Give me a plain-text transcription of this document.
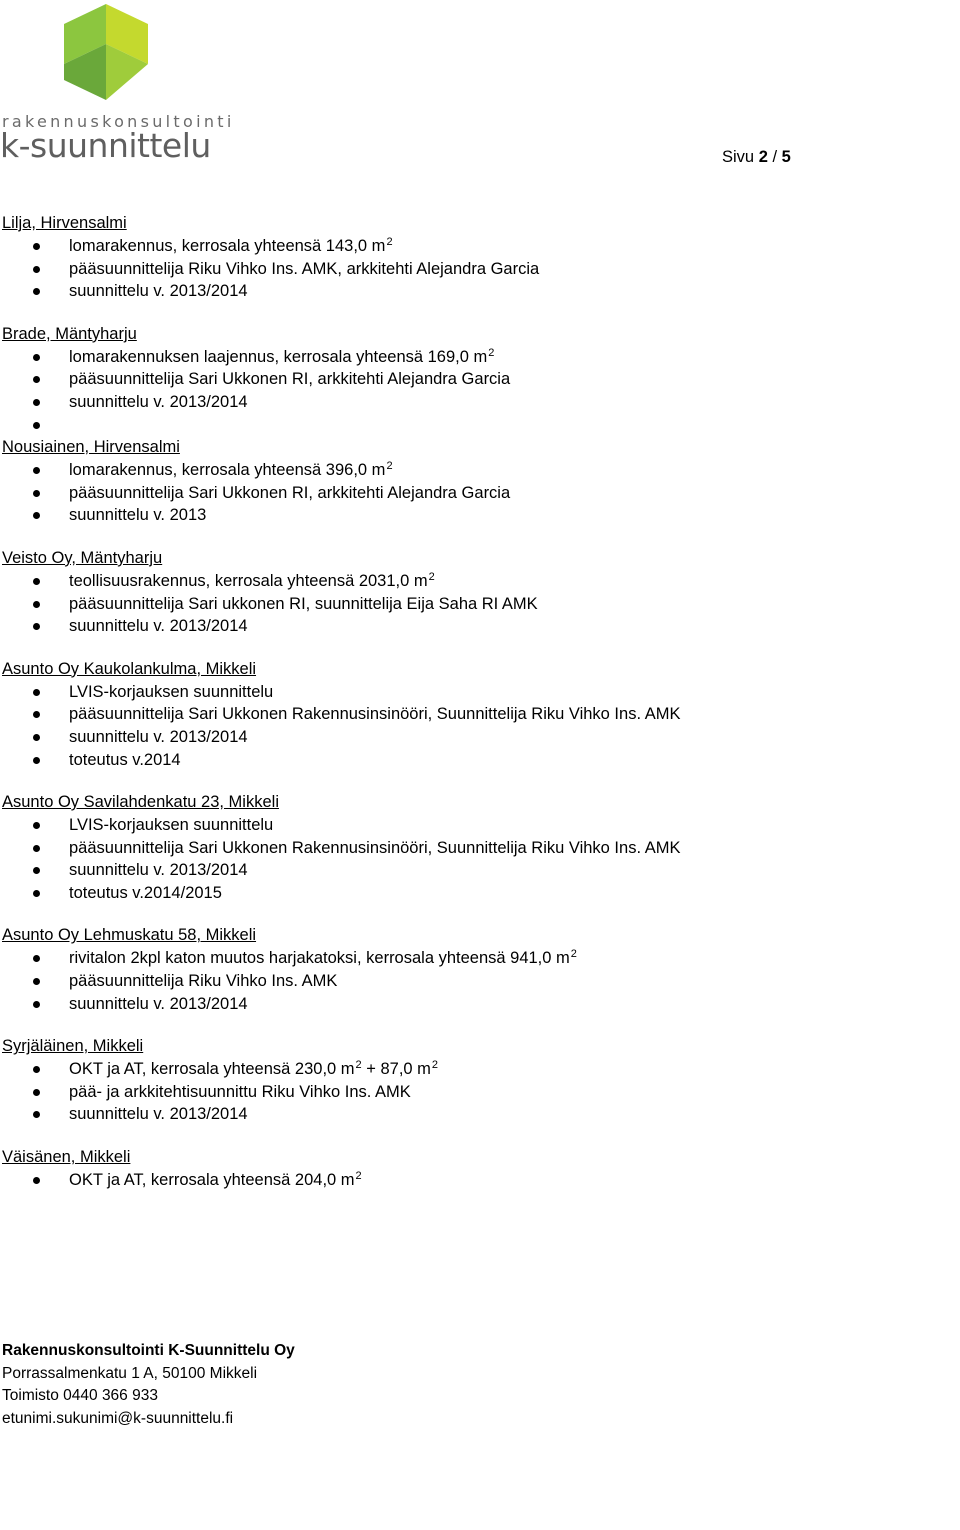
rakennuskonsultointi
k-suunnittelu	Sivu 2 / 5
Lilja, Hirvensalmi
lomarakennus, kerrosala yhteensä 143,0 $m^2$
pääsuunnittelija Riku Vihko Ins. AMK, arkkitehti Alejandra Garcia
suunnittelu v. 2013/2014
Brade, Mäntyharju
lomarakennuksen laajennus, kerrosala yhteensä 169,0 $m^2$
pääsuunnittelija Sari Ukkonen RI, arkkitehti Alejandra Garcia
suunnittelu v. 2013/2014
Nousiainen, Hirvensalmi
lomarakennus, kerrosala yhteensä 396,0 $m^2$
pääsuunnittelija Sari Ukkonen RI, arkkitehti Alejandra Garcia
suunnittelu v. 2013
Veisto Oy, Mäntyharju
teollisuusrakennus, kerrosala yhteensä 2031,0 $m^2$
pääsuunnittelija Sari ukkonen RI, suunnittelija Eija Saha RI AMK
suunnittelu v. 2013/2014
Asunto Oy Kaukolankulma, Mikkeli
LVIS-korjauksen suunnittelu
pääsuunnittelija Sari Ukkonen Rakennusinsinööri, Suunnittelija Riku Vihko Ins. AMK
suunnittelu v. 2013/2014
toteutus v.2014
Asunto Oy Savilahdenkatu 23, Mikkeli
LVIS-korjauksen suunnittelu
pääsuunnittelija Sari Ukkonen Rakennusinsinööri, Suunnittelija Riku Vihko Ins. AMK
suunnittelu v. 2013/2014
toteutus v.2014/2015
Asunto Oy Lehmuskatu 58, Mikkeli
rivitalon 2kpl katon muutos harjakatoksi, kerrosala yhteensä 941,0 $m^2$
pääsuunnittelija Riku Vihko Ins. AMK
suunnittelu v. 2013/2014
Syrjäläinen, Mikkeli
OKT ja AT, kerrosala yhteensä 230,0 $m^2 + 87,0$ $m^2$
pää- ja arkkitehtisuunnittu Riku Vihko Ins. AMK
suunnittelu v. 2013/2014
Väisänen, Mikkeli
OKT ja AT, kerrosala yhteensä 204,0 $m^2$
Rakennuskonsultointi K-Suunnittelu Oy
Porrassalmenkatu 1 A, 50100 Mikkeli
Toimisto 0440 366 933
etunimi.sukunimi@k-suunnittelu.fi
